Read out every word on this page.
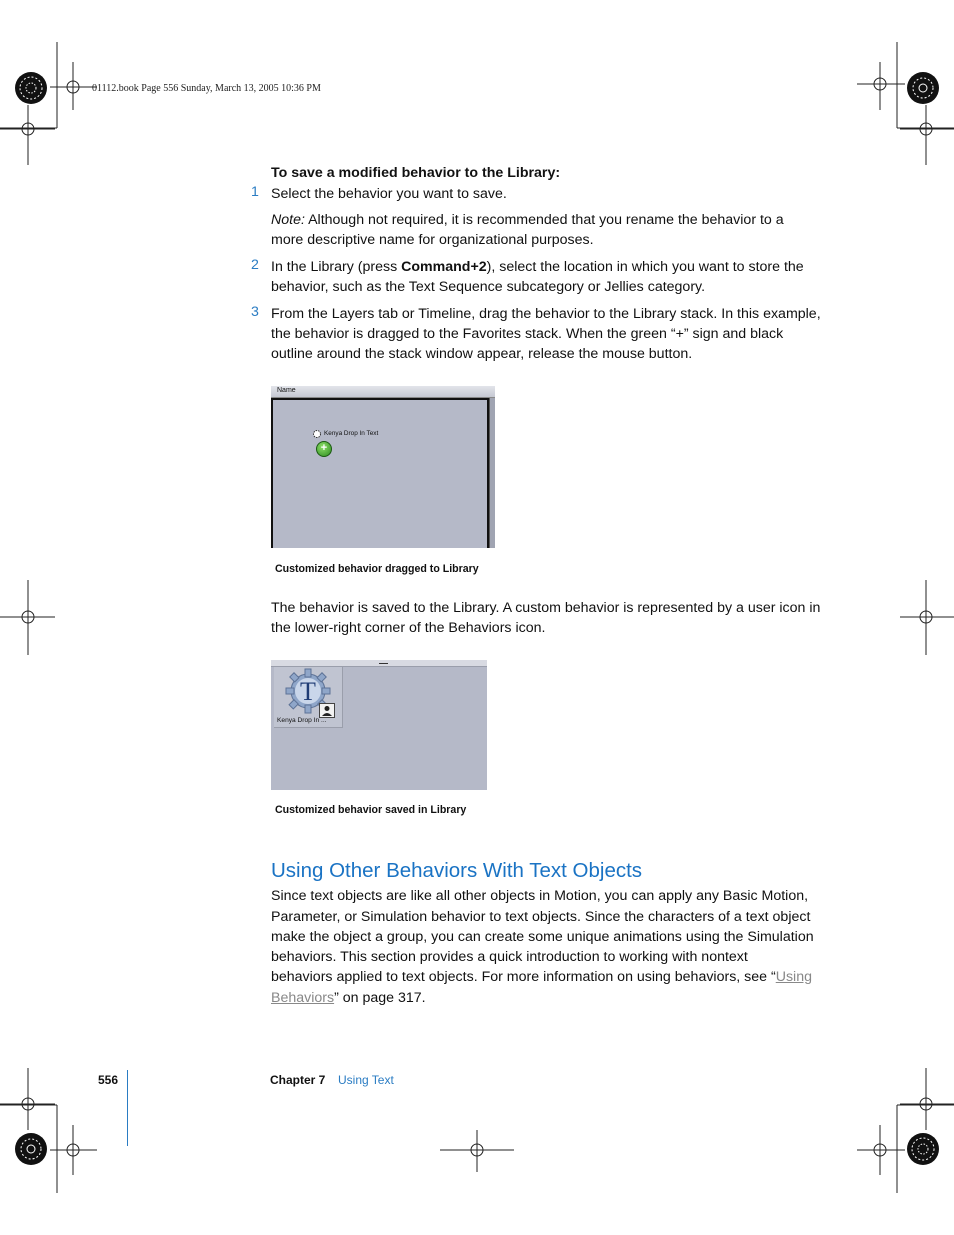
01112.book Page 556 Sunday, March 13, 2005 10:36 PM
To save a modified behavior to the Library:
1 Select the behavior you want to save.
Note: Although not required, it is recommended that you rename the behavior to a
more descriptive name for organizational purposes.
2 In the Library (press Command+2), select the location in which you want to store the
behavior, such as the Text Sequence subcategory or Jellies category.
3 From the Layers tab or Timeline, drag the behavior to the Library stack. In this example,
the behavior is dragged to the Favorites stack. When the green “+” sign and black
outline around the stack window appear, release the mouse button.
Name
Kenya Drop In Text
+
Customized behavior dragged to Library
The behavior is saved to the Library. A custom behavior is represented by a user icon in
the lower-right corner of the Behaviors icon.
T
Kenya Drop In ...
Customized behavior saved in Library
Using Other Behaviors With Text Objects
Since text objects are like all other objects in Motion, you can apply any Basic Motion,
Parameter, or Simulation behavior to text objects. Since the characters of a text object
make the object a group, you can create some unique animations using the Simulation
behaviors. This section provides a quick introduction to working with nontext
behaviors applied to text objects. For more information on using behaviors, see “Using
Behaviors” on page 317.
556	Chapter 7 Using Text
